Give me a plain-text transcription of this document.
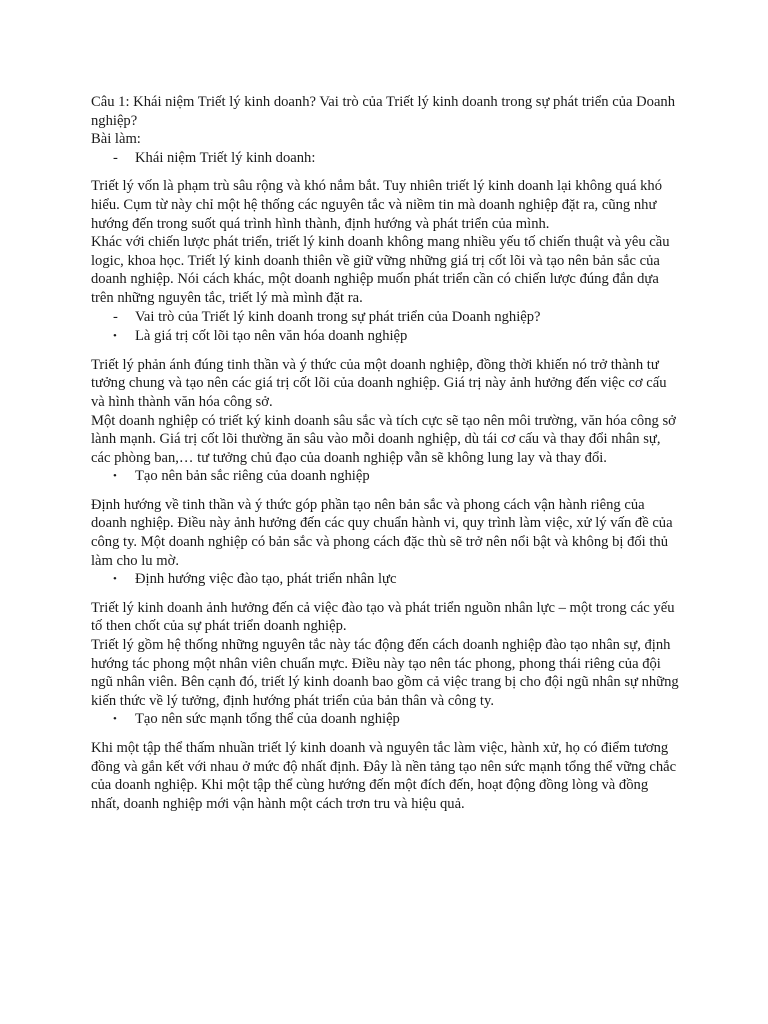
Câu 1: Khái niệm Triết lý kinh doanh? Vai trò của Triết lý kinh doanh trong sự phát triển của Doanh nghiệp?

Bài làm:

-	Khái niệm Triết lý kinh doanh:

Triết lý vốn là phạm trù sâu rộng và khó nắm bắt. Tuy nhiên triết lý kinh doanh lại không quá khó hiểu. Cụm từ này chỉ một hệ thống các nguyên tắc và niềm tin mà doanh nghiệp đặt ra, cũng như hướng đến trong suốt quá trình hình thành, định hướng và phát triển của mình.

Khác với chiến lược phát triển, triết lý kinh doanh không mang nhiều yếu tố chiến thuật và yêu cầu logic, khoa học. Triết lý kinh doanh thiên về giữ vững những giá trị cốt lõi và tạo nên bản sắc của doanh nghiệp. Nói cách khác, một doanh nghiệp muốn phát triển cần có chiến lược đúng đắn dựa trên những nguyên tắc, triết lý mà mình đặt ra.

-	Vai trò của Triết lý kinh doanh trong sự phát triển của Doanh nghiệp?
•	Là giá trị cốt lõi tạo nên văn hóa doanh nghiệp

Triết lý phản ánh đúng tinh thần và ý thức của một doanh nghiệp, đồng thời khiến nó trở thành tư tưởng chung và tạo nên các giá trị cốt lõi của doanh nghiệp. Giá trị này ảnh hưởng đến việc cơ cấu và hình thành văn hóa công sở.

Một doanh nghiệp có triết ký kinh doanh sâu sắc và tích cực sẽ tạo nên môi trường, văn hóa công sở lành mạnh. Giá trị cốt lõi thường ăn sâu vào mỗi doanh nghiệp, dù tái cơ cấu và thay đổi nhân sự, các phòng ban,… tư tưởng chủ đạo của doanh nghiệp vẫn sẽ không lung lay và thay đổi.

•	Tạo nên bản sắc riêng của doanh nghiệp

Định hướng về tinh thần và ý thức góp phần tạo nên bản sắc và phong cách vận hành riêng của doanh nghiệp. Điều này ảnh hưởng đến các quy chuẩn hành vi, quy trình làm việc, xử lý vấn đề của công ty. Một doanh nghiệp có bản sắc và phong cách đặc thù sẽ trở nên nổi bật và không bị đối thủ làm cho lu mờ.

•	Định hướng việc đào tạo, phát triển nhân lực

Triết lý kinh doanh ảnh hưởng đến cả việc đào tạo và phát triển nguồn nhân lực – một trong các yếu tố then chốt của sự phát triển doanh nghiệp.

Triết lý gồm hệ thống những nguyên tắc này tác động đến cách doanh nghiệp đào tạo nhân sự, định hướng tác phong một nhân viên chuẩn mực. Điều này tạo nên tác phong, phong thái riêng của đội ngũ nhân viên. Bên cạnh đó, triết lý kinh doanh bao gồm cả việc trang bị cho đội ngũ nhân sự những kiến thức về lý tưởng, định hướng phát triển của bản thân và công ty.

•	Tạo nên sức mạnh tổng thể của doanh nghiệp

Khi một tập thể thấm nhuần triết lý kinh doanh và nguyên tắc làm việc, hành xử, họ có điểm tương đồng và gắn kết với nhau ở mức độ nhất định. Đây là nền tảng tạo nên sức mạnh tổng thể vững chắc của doanh nghiệp. Khi một tập thể cùng hướng đến một đích đến, hoạt động đồng lòng và đồng nhất, doanh nghiệp mới vận hành một cách trơn tru và hiệu quả.
